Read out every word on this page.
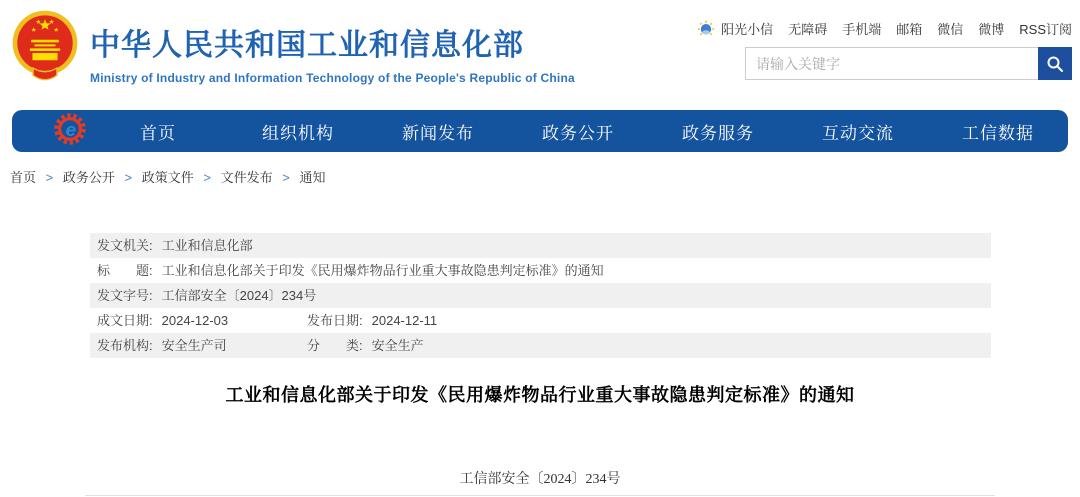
中华人民共和国工业和信息化部
Ministry of Industry and Information Technology of the People's Republic of China
阳光小信 无障碍 手机端 邮箱 微信 微博 RSS订阅
请输入关键字
e	首页	组织机构	新闻发布	政务公开	政务服务	互动交流	工信数据
首页 > 政务公开 > 政策文件 > 文件发布 > 通知
发文机关: 工业和信息化部
标　　题: 工业和信息化部关于印发《民用爆炸物品行业重大事故隐患判定标准》的通知
发文字号: 工信部安全〔2024〕234号
成文日期: 2024-12-03	发布日期: 2024-12-11
发布机构: 安全生产司	分　　类: 安全生产
工业和信息化部关于印发《民用爆炸物品行业重大事故隐患判定标准》的通知
工信部安全〔2024〕234号
